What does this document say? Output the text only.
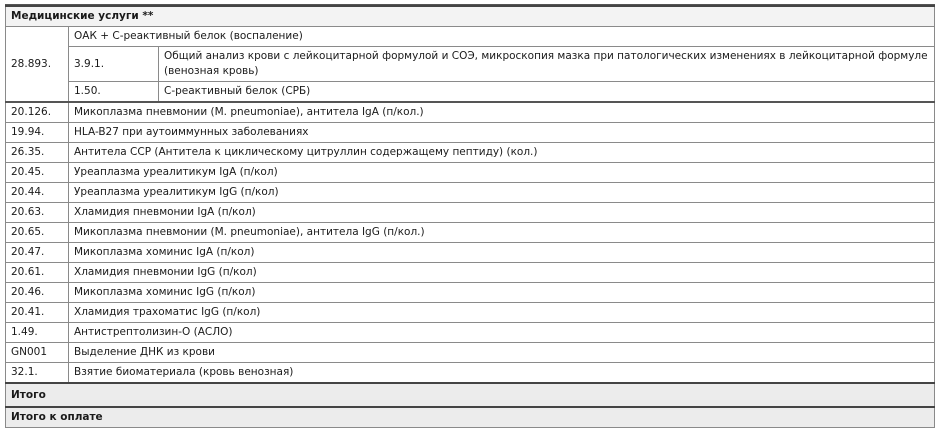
Медицинские услуги **		
28.893.	ОАК + С-реактивный белок (воспаление)	
	3.9.1.	Общий анализ крови с лейкоцитарной формулой и СОЭ, микроскопия мазка при патологических изменениях в лейкоцитарной формуле (венозная кровь)
	1.50.	С-реактивный белок (СРБ)
20.126.	Микоплазма пневмонии (M. pneumoniae), антитела IgA (п/кол.)	
19.94.	HLA-B27 при аутоиммунных заболеваниях	
26.35.	Антитела ССР (Антитела к циклическому цитруллин содержащему пептиду) (кол.)	
20.45.	Уреаплазма уреалитикум IgA (п/кол)	
20.44.	Уреаплазма уреалитикум IgG (п/кол)	
20.63.	Хламидия пневмонии IgA (п/кол)	
20.65.	Микоплазма пневмонии (M. pneumoniae), антитела IgG (п/кол.)	
20.47.	Микоплазма хоминис IgA (п/кол)	
20.61.	Хламидия пневмонии IgG (п/кол)	
20.46.	Микоплазма хоминис IgG (п/кол)	
20.41.	Хламидия трахоматис IgG (п/кол)	
1.49.	Антистрептолизин-О (АСЛО)	
GN001	Выделение ДНК из крови	
32.1.	Взятие биоматериала (кровь венозная)	
Итого		
Итого к оплате		
